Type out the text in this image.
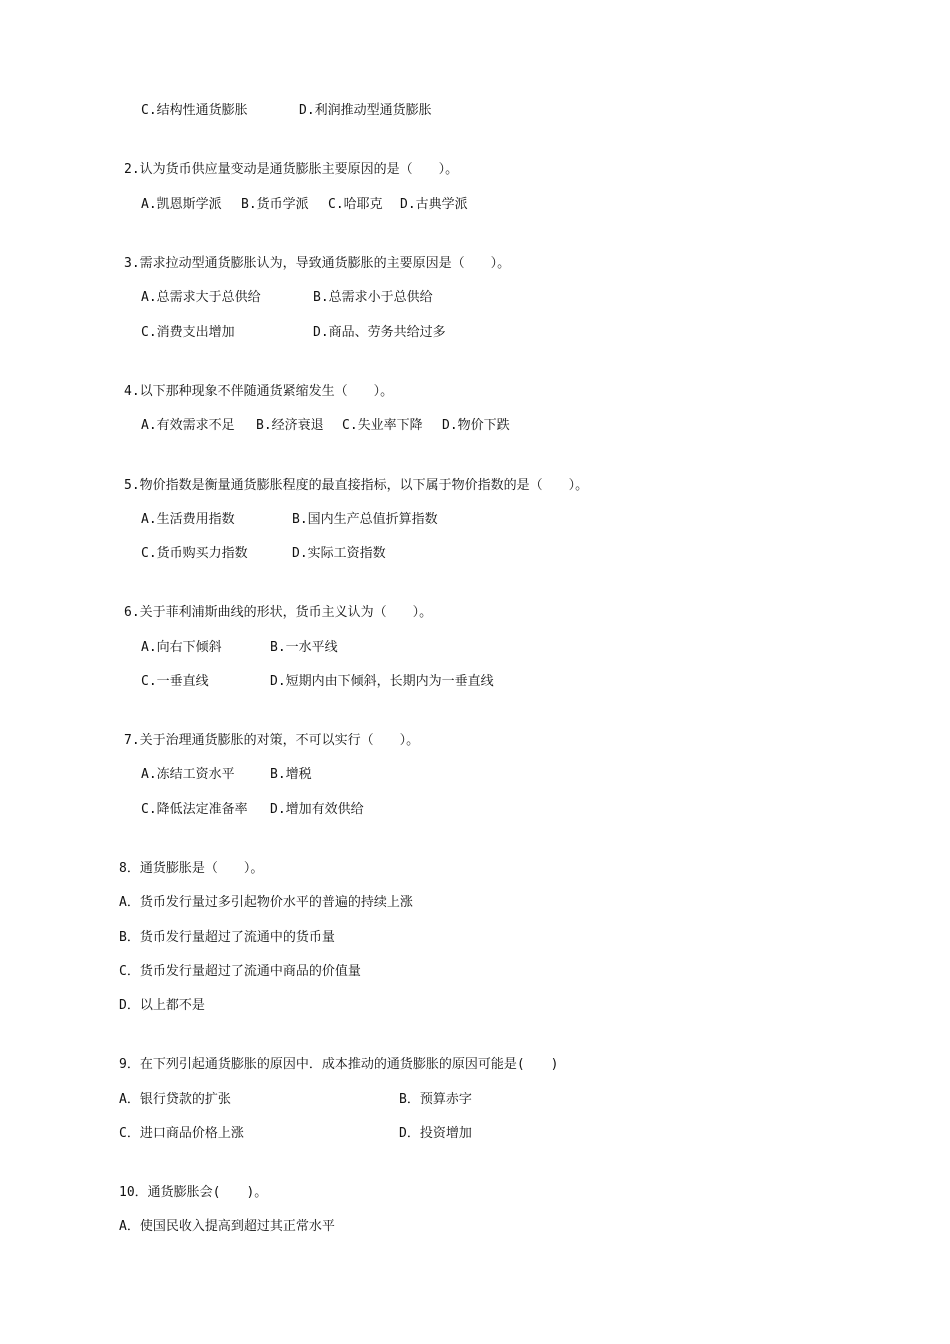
C.结构性通货膨胀	D.利润推动型通货膨胀
2.认为货币供应量变动是通货膨胀主要原因的是（　　）。
A.凯恩斯学派 B.货币学派 C.哈耶克 D.古典学派
3.需求拉动型通货膨胀认为，导致通货膨胀的主要原因是（　　）。
A.总需求大于总供给	B.总需求小于总供给
C.消费支出增加	D.商品、劳务共给过多
4.以下那种现象不伴随通货紧缩发生（　　）。
A.有效需求不足 B.经济衰退 C.失业率下降 D.物价下跌
5.物价指数是衡量通货膨胀程度的最直接指标，以下属于物价指数的是（　　）。
A.生活费用指数	B.国内生产总值折算指数
C.货币购买力指数	D.实际工资指数
6.关于菲利浦斯曲线的形状，货币主义认为（　　）。
A.向右下倾斜	B.一水平线
C.一垂直线	D.短期内由下倾斜，长期内为一垂直线
7.关于治理通货膨胀的对策，不可以实行（　　）。
A.冻结工资水平	B.增税
C.降低法定准备率 D.增加有效供给
8．通货膨胀是（　　）。
A．货币发行量过多引起物价水平的普遍的持续上涨
B．货币发行量超过了流通中的货币量
C．货币发行量超过了流通中商品的价值量
D．以上都不是
9．在下列引起通货膨胀的原因中．成本推动的通货膨胀的原因可能是(　　)
A．银行贷款的扩张	B．预算赤字
C．进口商品价格上涨	D．投资增加
10．通货膨胀会(　　)。
A．使国民收入提高到超过其正常水平
